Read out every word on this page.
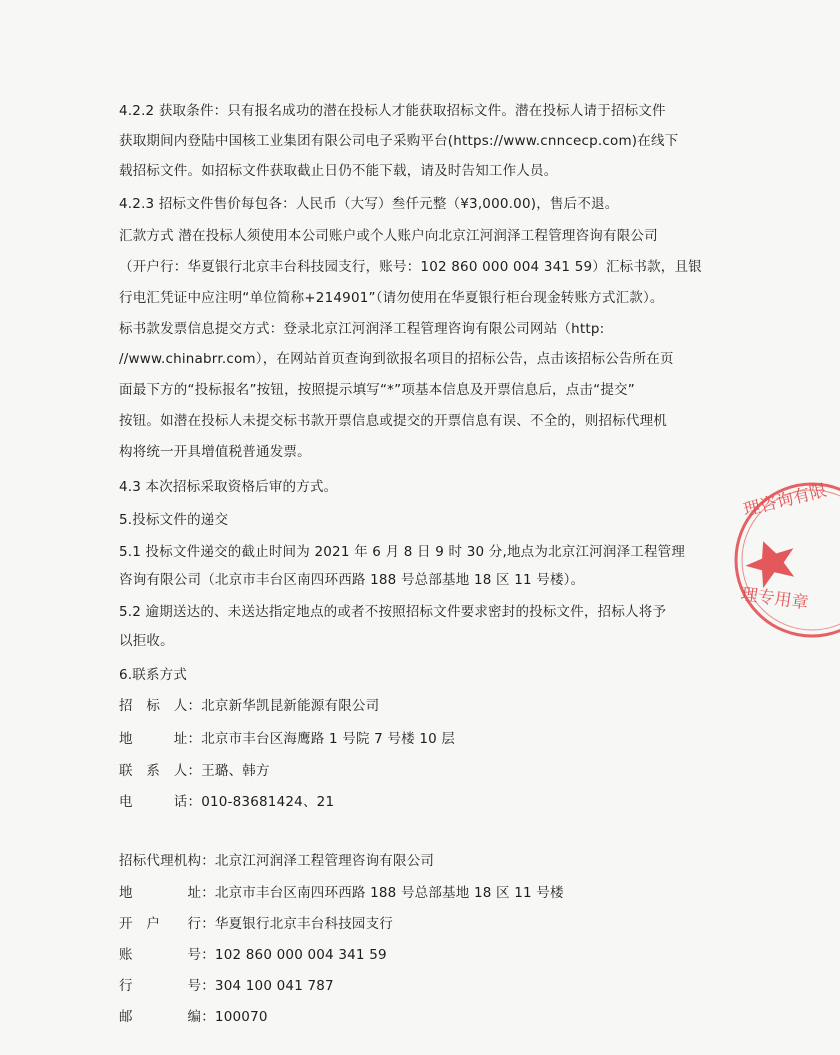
4.2.2 获取条件：只有报名成功的潜在投标人才能获取招标文件。潜在投标人请于招标文件
获取期间内登陆中国核工业集团有限公司电子采购平台(https://www.cnncecp.com)在线下
载招标文件。如招标文件获取截止日仍不能下载，请及时告知工作人员。
4.2.3 招标文件售价每包各：人民币（大写）叁仟元整（¥3,000.00)，售后不退。
汇款方式 潜在投标人须使用本公司账户或个人账户向北京江河润泽工程管理咨询有限公司
（开户行：华夏银行北京丰台科技园支行，账号：102 860 000 004 341 59）汇标书款，且银
行电汇凭证中应注明“单位简称+214901”（请勿使用在华夏银行柜台现金转账方式汇款）。
标书款发票信息提交方式：登录北京江河润泽工程管理咨询有限公司网站（http:
//www.chinabrr.com），在网站首页查询到欲报名项目的招标公告，点击该招标公告所在页
面最下方的“投标报名”按钮，按照提示填写“*”项基本信息及开票信息后，点击“提交”
按钮。如潜在投标人未提交标书款开票信息或提交的开票信息有误、不全的，则招标代理机
构将统一开具增值税普通发票。
4.3 本次招标采取资格后审的方式。
5.投标文件的递交
5.1 投标文件递交的截止时间为 2021 年 6 月 8 日 9 时 30 分,地点为北京江河润泽工程管理
咨询有限公司（北京市丰台区南四环西路 188 号总部基地 18 区 11 号楼）。
5.2 逾期送达的、未送达指定地点的或者不按照招标文件要求密封的投标文件，招标人将予
以拒收。
6.联系方式
招　标　人：北京新华凯昆新能源有限公司
地　　　址：北京市丰台区海鹰路 1 号院 7 号楼 10 层
联　系　人：王璐、韩方
电　　　话：010-83681424、21
招标代理机构：北京江河润泽工程管理咨询有限公司
地　　　　址：北京市丰台区南四环西路 188 号总部基地 18 区 11 号楼
开　户　　行：华夏银行北京丰台科技园支行
账　　　　号：102 860 000 004 341 59
行　　　　号：304 100 041 787
邮　　　　编：100070
理咨询有限
理专用章
